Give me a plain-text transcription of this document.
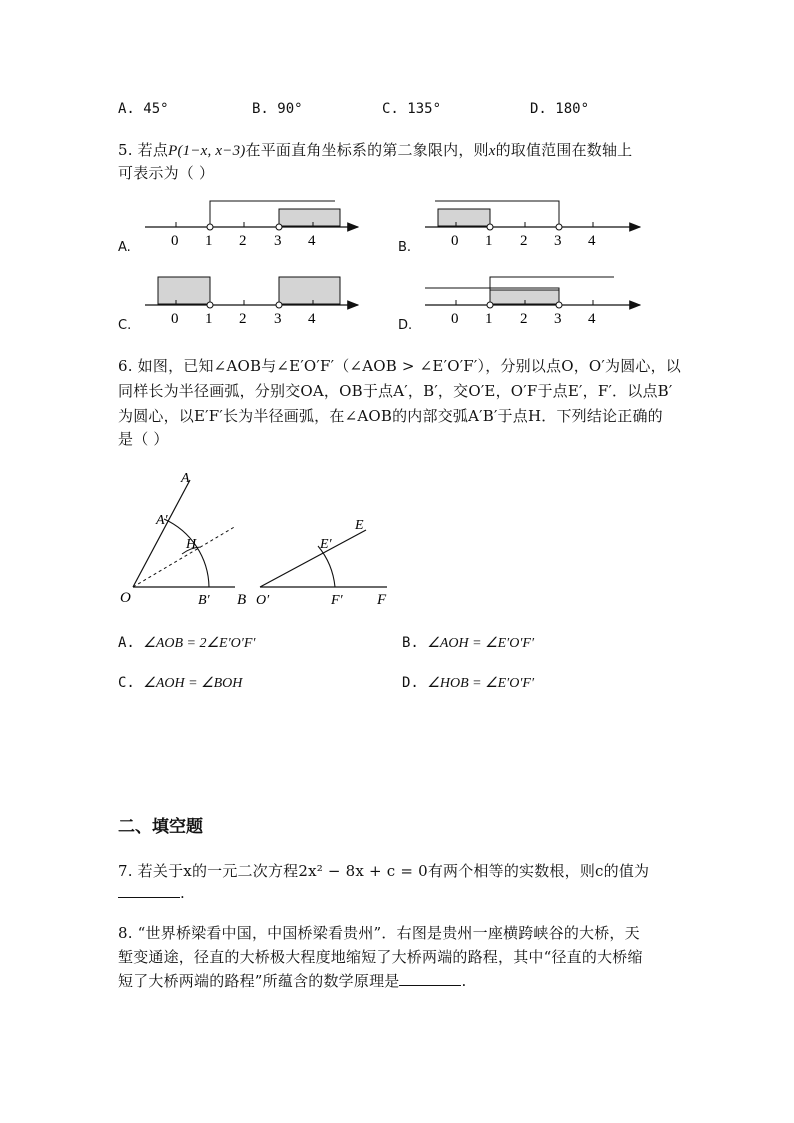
A. 45°	B. 90°	C. 135°	D. 180°
5. 若点P(1−x, x−3)在平面直角坐标系的第二象限内，则x的取值范围在数轴上
可表示为（ ）
0 1 2 3 4	0 1 2 3 4
0 1 2 3 4	0 1 2 3 4
A.	B.
C.	D.
6. 如图，已知∠AOB与∠E′O′F′（∠AOB > ∠E′O′F′），分别以点O，O′为圆心，以
同样长为半径画弧，分别交OA，OB于点A′，B′，交O′E，O′F于点E′，F′．以点B′
为圆心，以E′F′长为半径画弧，在∠AOB的内部交弧A′B′于点H．下列结论正确的
是（ ）
A
A′
H
O	B′ B
E
E′
O′	F′ F
A. ∠AOB = 2∠E′O′F′	B. ∠AOH = ∠E′O′F′
C. ∠AOH = ∠BOH	D. ∠HOB = ∠E′O′F′
二、填空题
7. 若关于x的一元二次方程2x² − 8x + c = 0有两个相等的实数根，则c的值为
.
8. “世界桥梁看中国，中国桥梁看贵州”．右图是贵州一座横跨峡谷的大桥，天
堑变通途，径直的大桥极大程度地缩短了大桥两端的路程，其中“径直的大桥缩
短了大桥两端的路程”所蕴含的数学原理是	.
